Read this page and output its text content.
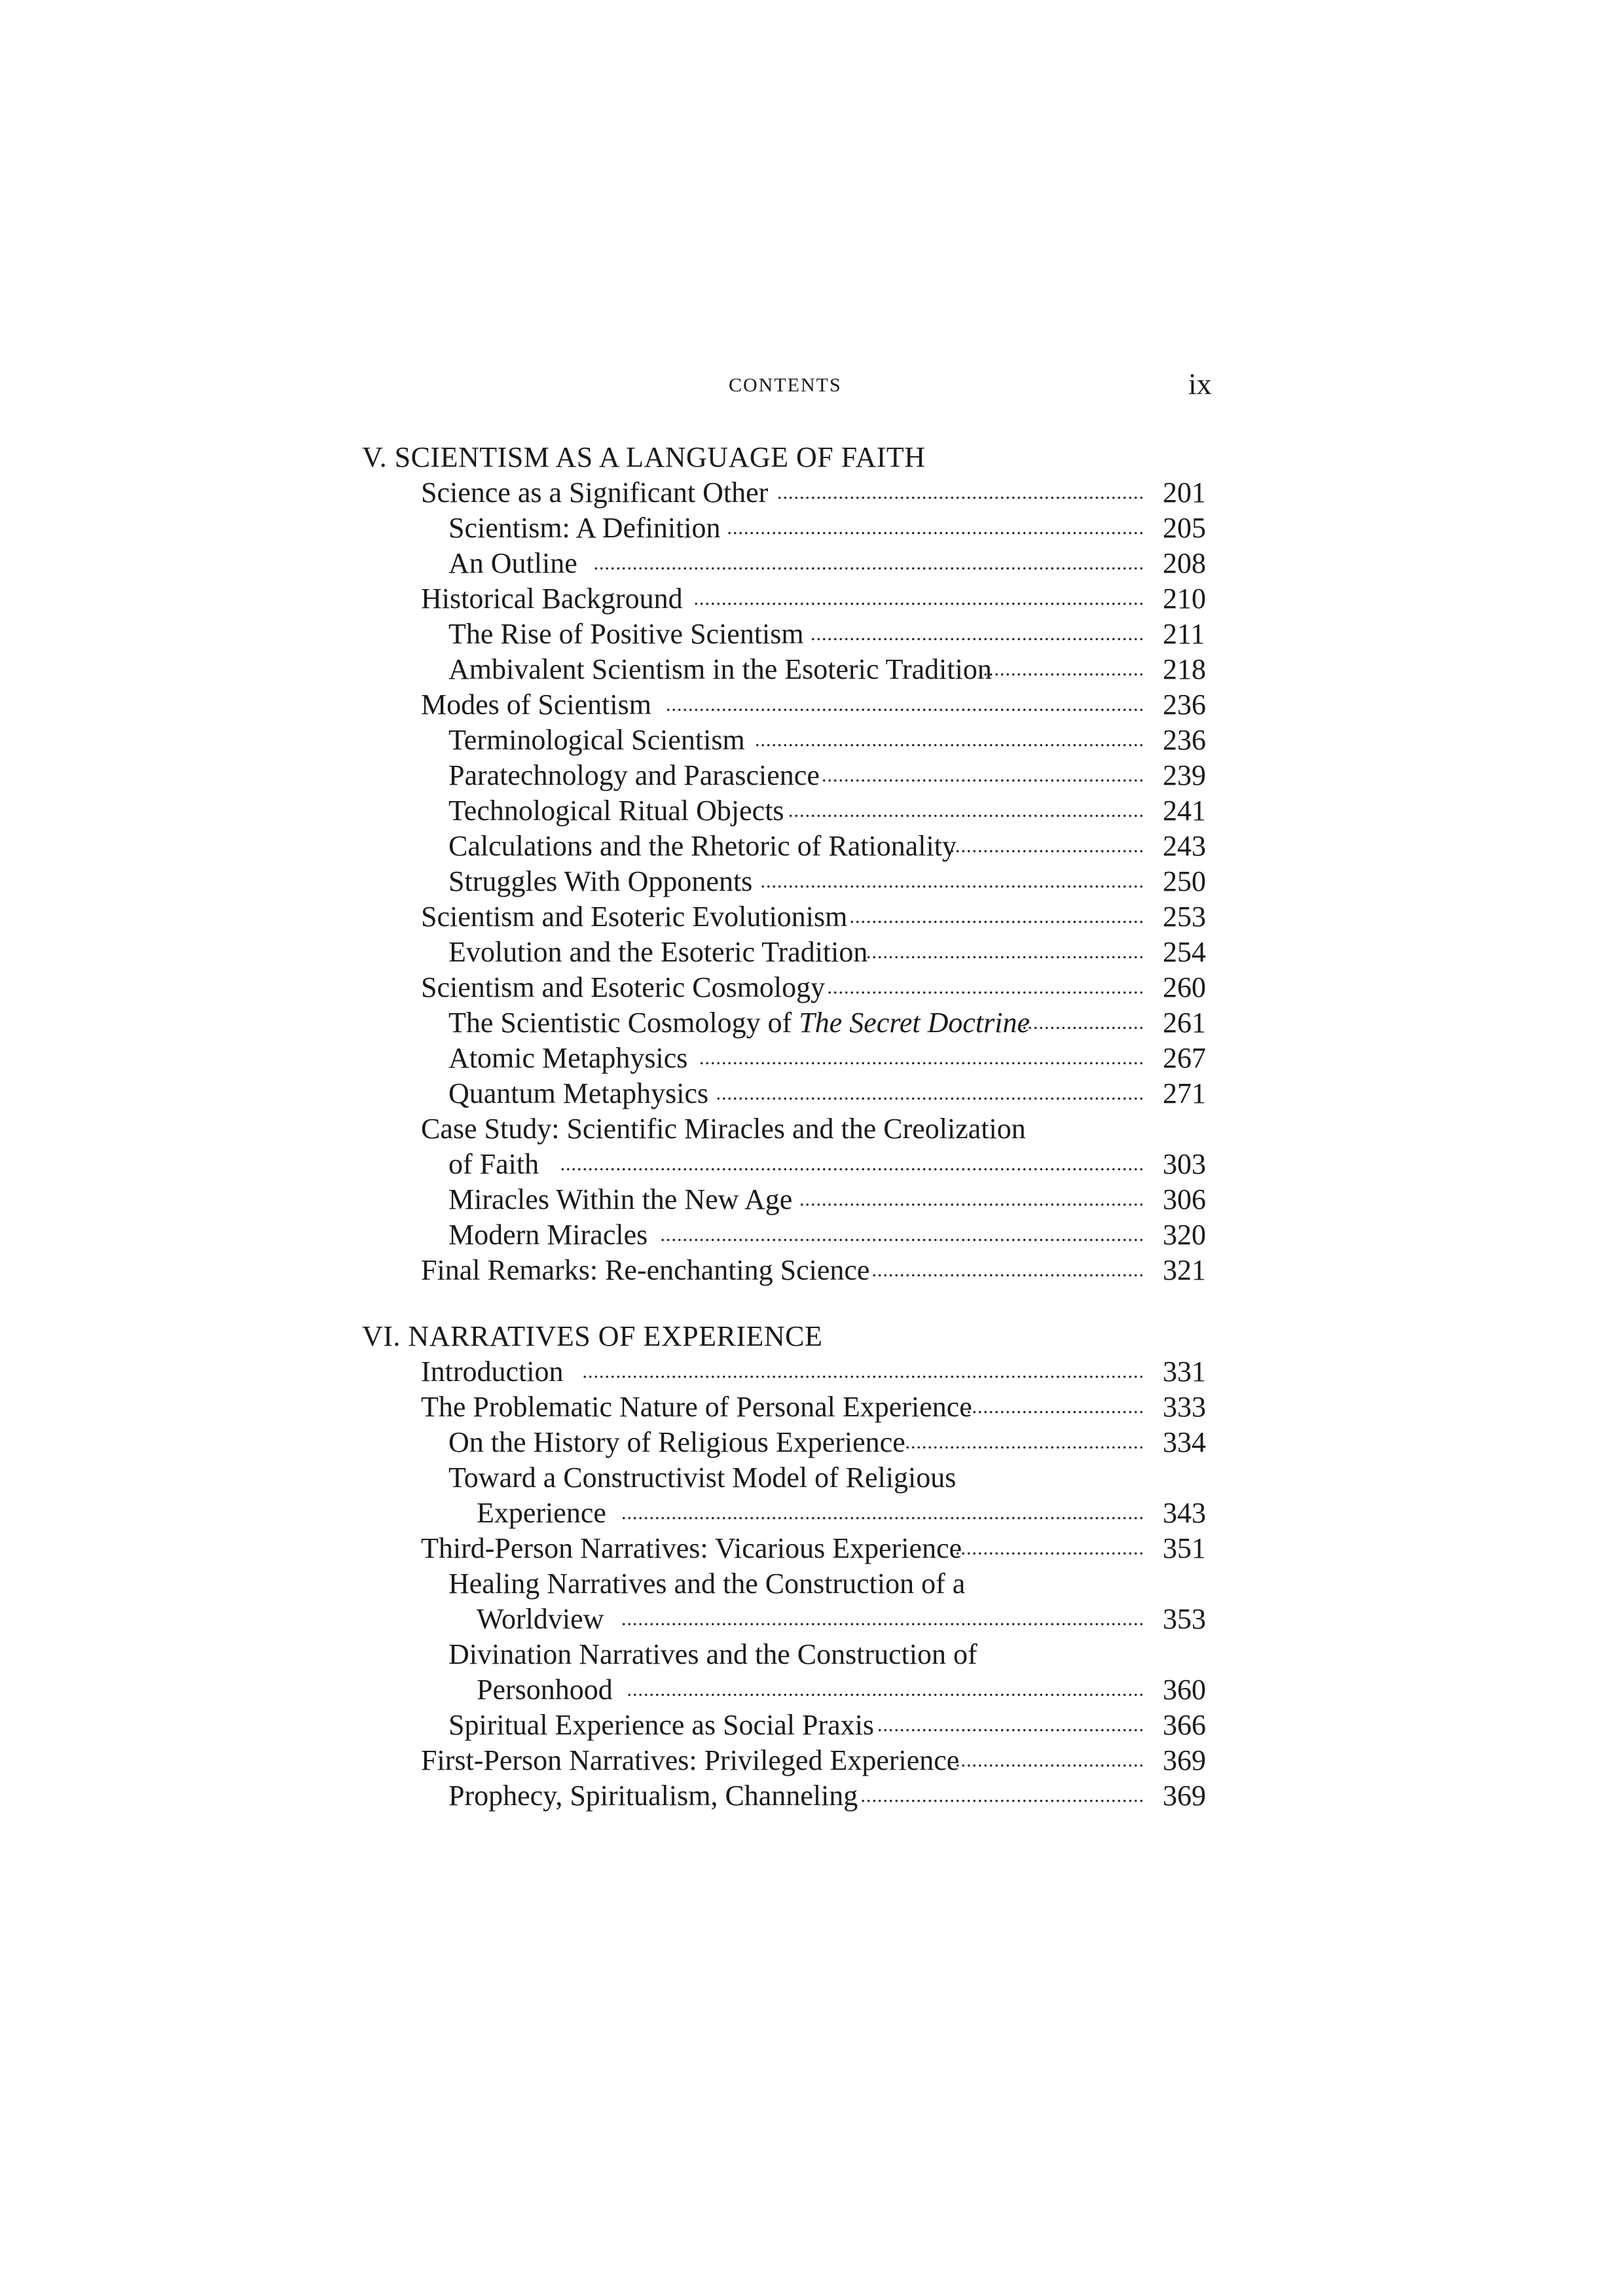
CONTENTS	ix
V. SCIENTISM AS A LANGUAGE OF FAITH
Science as a Significant Other .................................................................. 201
Scientism: A Definition ........................................................................... 205
An Outline ................................................................................................... 208
Historical Background ................................................................................. 210
The Rise of Positive Scientism ............................................................ 211
Ambivalent Scientism in the Esoteric Tradition
............................. 218
Modes of Scientism ...................................................................................... 236
Terminological Scientism ...................................................................... 236
Paratechnology and Parascience .......................................................... 239
Technological Ritual Objects ................................................................ 241
Calculations and the Rhetoric of Rationality
................................... 243
Struggles With Opponents ..................................................................... 250
Scientism and Esoteric Evolutionism ..................................................... 253
Evolution and the Esoteric Tradition
.................................................. 254
Scientism and Esoteric Cosmology ......................................................... 260
The Scientistic Cosmology of The Secret Doctrine
...................... 261
Atomic Metaphysics ................................................................................ 267
Quantum Metaphysics ............................................................................. 271
Case Study: Scientific Miracles and the Creolization
of Faith ......................................................................................................... 303
Miracles Within the New Age .............................................................. 306
Modern Miracles ....................................................................................... 320
Final Remarks: Re-enchanting Science ................................................. 321
VI. NARRATIVES OF EXPERIENCE
Introduction ..................................................................................................... 331
The Problematic Nature of Personal Experience
................................ 333
On the History of Religious Experience ........................................... 334
Toward a Constructivist Model of Religious
Experience .............................................................................................. 343
Third-Person Narratives: Vicarious Experience
.................................. 351
Healing Narratives and the Construction of a
Worldview .............................................................................................. 353
Divination Narratives and the Construction of
Personhood ............................................................................................. 360
Spiritual Experience as Social Praxis ................................................ 366
First-Person Narratives: Privileged Experience
.................................. 369
Prophecy, Spiritualism, Channeling ................................................... 369
